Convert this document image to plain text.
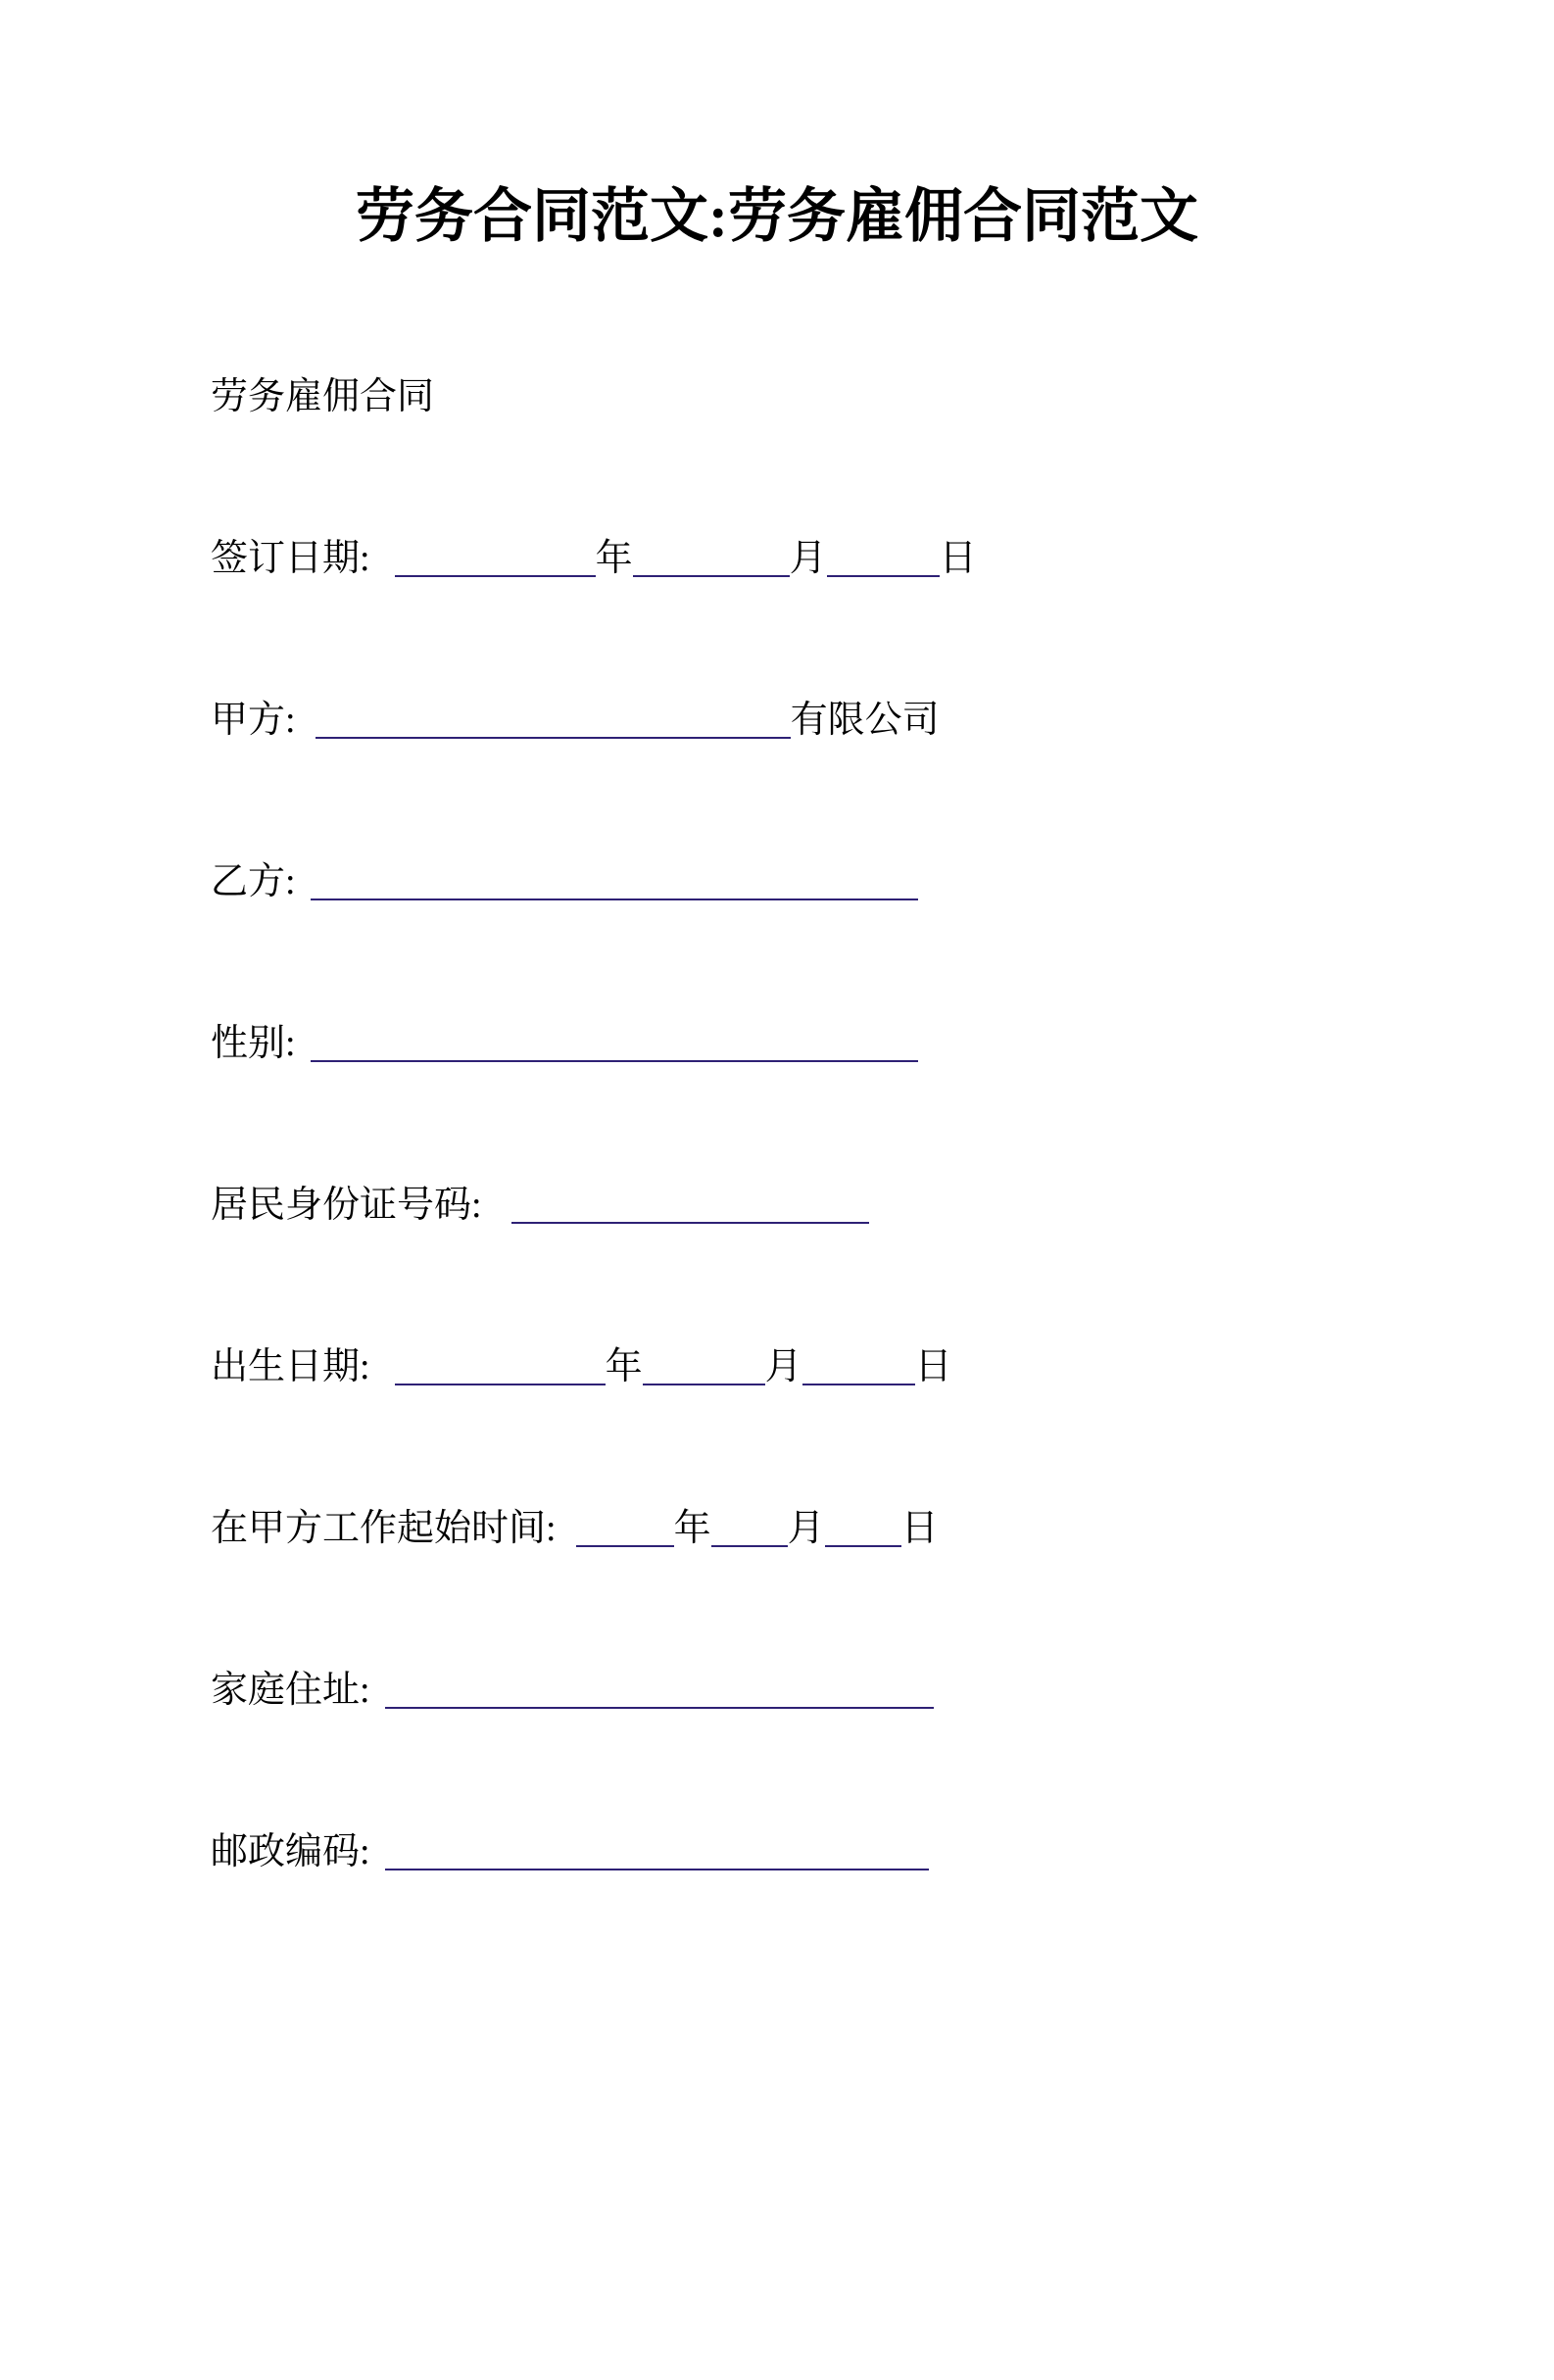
劳务合同范文:劳务雇佣合同范文
劳务雇佣合同
签订日期:	年	月	日
甲方:	有限公司
乙方:
性别:
居民身份证号码:
出生日期:	年	月	日
在甲方工作起始时间:	年 月 日
家庭住址:
邮政编码:
